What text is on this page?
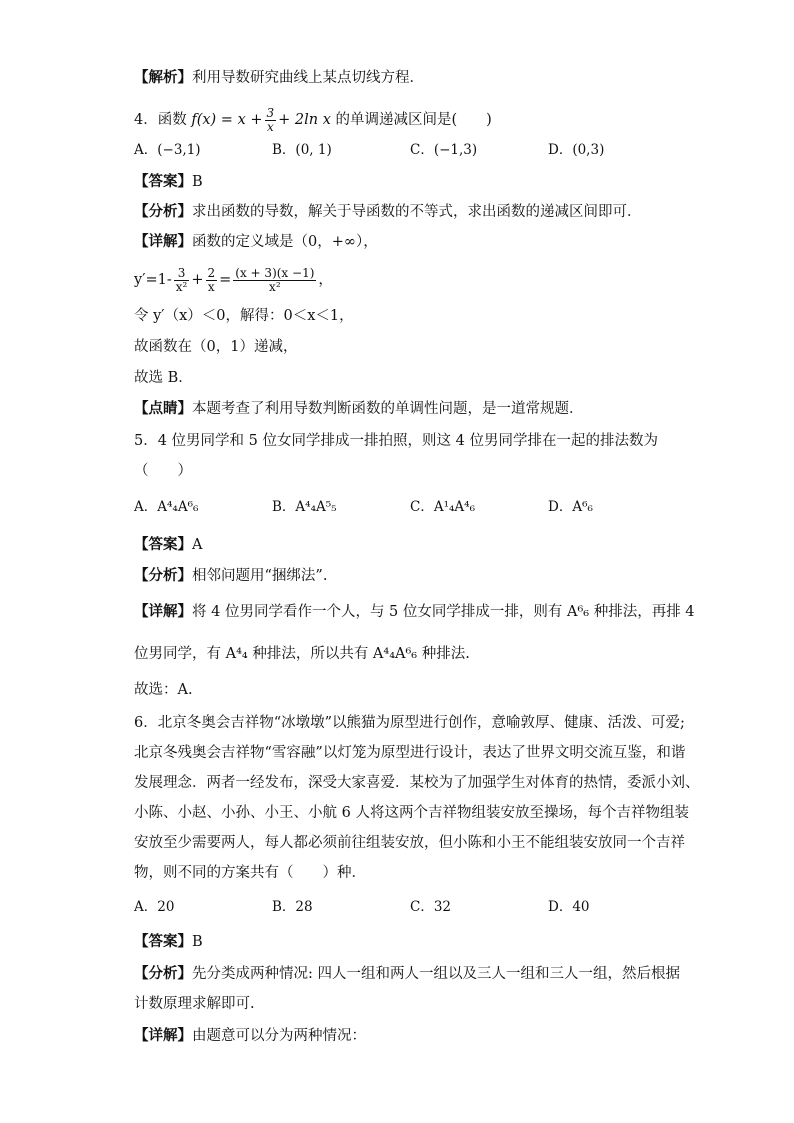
【解析】利用导数研究曲线上某点切线方程．
4．函数 $f(x) = x + \frac{3}{x} + 2\ln$ x 的单调递减区间是(　　)
A．(−3,1)	B．(0, 1)	C．(−1,3)	D．(0,3)
【答案】B
【分析】求出函数的导数，解关于导函数的不等式，求出函数的递减区间即可．
【详解】函数的定义域是（0，+∞），
$y'=1- \frac{3}{\text{x²}} + \frac{2}{x} = \frac{(x + 3)(x -1)}{\text{x²}}$ ，
令 y′（x）＜0，解得：0＜x＜1，
故函数在（0，1）递减，
故选 B．
【点睛】本题考查了利用导数判断函数的单调性问题，是一道常规题．
5．4 位男同学和 5 位女同学排成一排拍照，则这 4 位男同学排在一起的排法数为
（　　）
A．A⁴₄A⁶₆	B．A⁴₄A⁵₅	C．A¹₄A⁴₆	D．A⁶₆
【答案】A
【分析】相邻问题用“捆绑法”.
【详解】将 4 位男同学看作一个人，与 5 位女同学排成一排，则有 A⁶₆ 种排法，再排 4
位男同学，有 A⁴₄ 种排法，所以共有 A⁴₄A⁶₆ 种排法.
故选：A.
6．北京冬奥会吉祥物“冰墩墩”以熊猫为原型进行创作，意喻敦厚、健康、活泼、可爱;
北京冬残奥会吉祥物“雪容融”以灯笼为原型进行设计，表达了世界文明交流互鉴，和谐
发展理念．两者一经发布，深受大家喜爱．某校为了加强学生对体育的热情，委派小刘、
小陈、小赵、小孙、小王、小航 6 人将这两个吉祥物组装安放至操场，每个吉祥物组装
安放至少需要两人，每人都必须前往组装安放，但小陈和小王不能组装安放同一个吉祥
物，则不同的方案共有（　　）种．
A．20	B．28	C．32	D．40
【答案】B
【分析】先分类成两种情况: 四人一组和两人一组以及三人一组和三人一组，然后根据
计数原理求解即可.
【详解】由题意可以分为两种情况：
